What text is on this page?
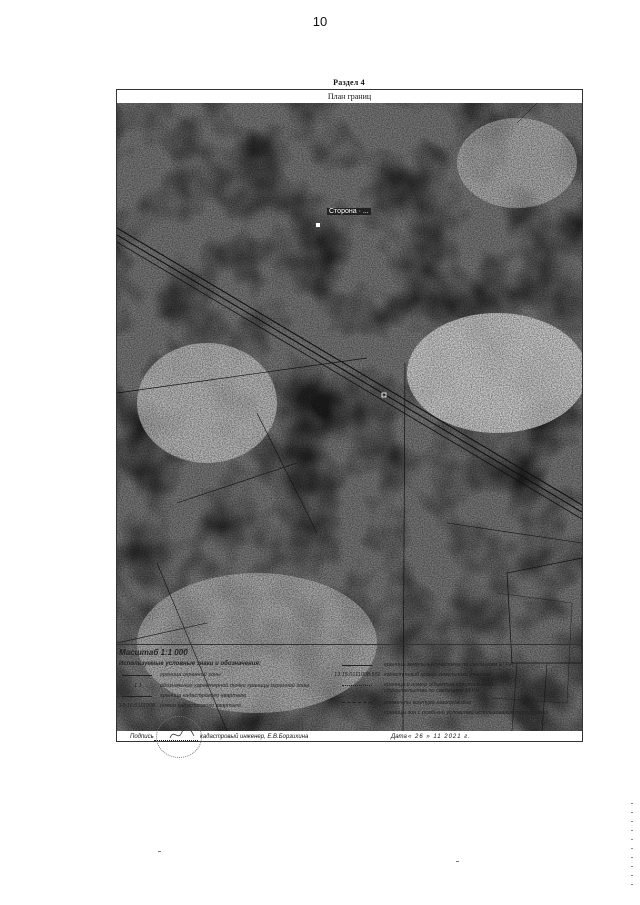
10
Раздел 4
План границ
Сторона · ...
Масштаб 1:1 000
Используемые условные знаки и обозначения:
граница охранной зоны
1 1	обозначение характерной точки границы охранной зоны
граница кадастрового квартала
13:15:0111008 номер кадастрового квартала
граница земельных участков по сведениям ЕГРН
13:15:0111008:562 кадастровый номер земельного участка
граница и номер объектов капитального строительства по сведениям ЕГРН
элементы контура газопроводов
границы зон с особыми условиями использования территорий
Подпись	кадастровый инженер, Е.В.Борзихина	Дата « 26 » 11 2021 г.
